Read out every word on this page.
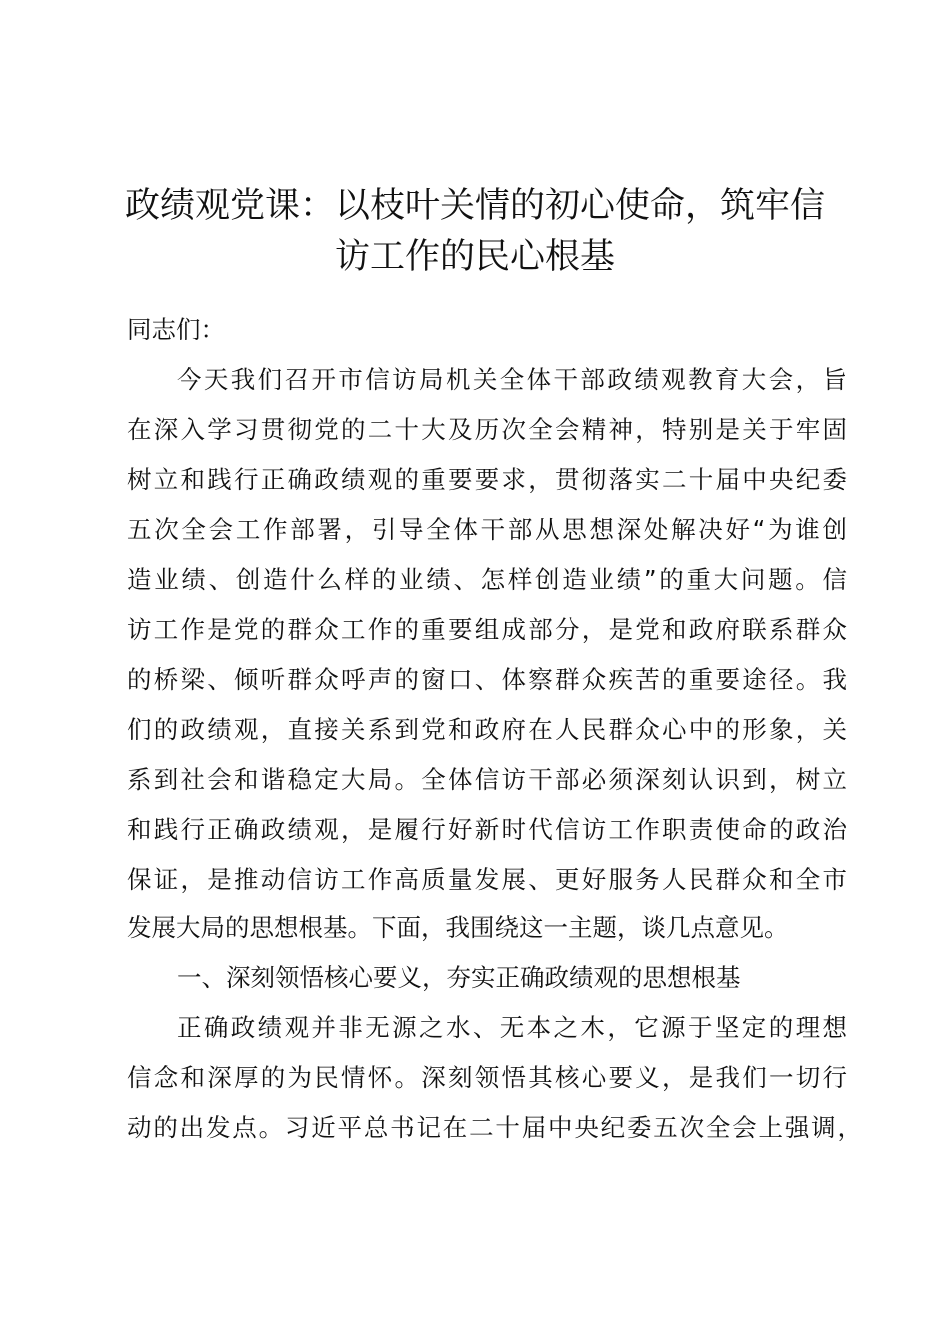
政绩观党课：以枝叶关情的初心使命，筑牢信
访工作的民心根基
同志们：
今天我们召开市信访局机关全体干部政绩观教育大会，旨
在深入学习贯彻党的二十大及历次全会精神，特别是关于牢固
树立和践行正确政绩观的重要要求，贯彻落实二十届中央纪委
五次全会工作部署，引导全体干部从思想深处解决好“为谁创
造业绩、创造什么样的业绩、怎样创造业绩”的重大问题。信
访工作是党的群众工作的重要组成部分，是党和政府联系群众
的桥梁、倾听群众呼声的窗口、体察群众疾苦的重要途径。我
们的政绩观，直接关系到党和政府在人民群众心中的形象，关
系到社会和谐稳定大局。全体信访干部必须深刻认识到，树立
和践行正确政绩观，是履行好新时代信访工作职责使命的政治
保证，是推动信访工作高质量发展、更好服务人民群众和全市
发展大局的思想根基。下面，我围绕这一主题，谈几点意见。
一、深刻领悟核心要义，夯实正确政绩观的思想根基
正确政绩观并非无源之水、无本之木，它源于坚定的理想
信念和深厚的为民情怀。深刻领悟其核心要义，是我们一切行
动的出发点。习近平总书记在二十届中央纪委五次全会上强调，
